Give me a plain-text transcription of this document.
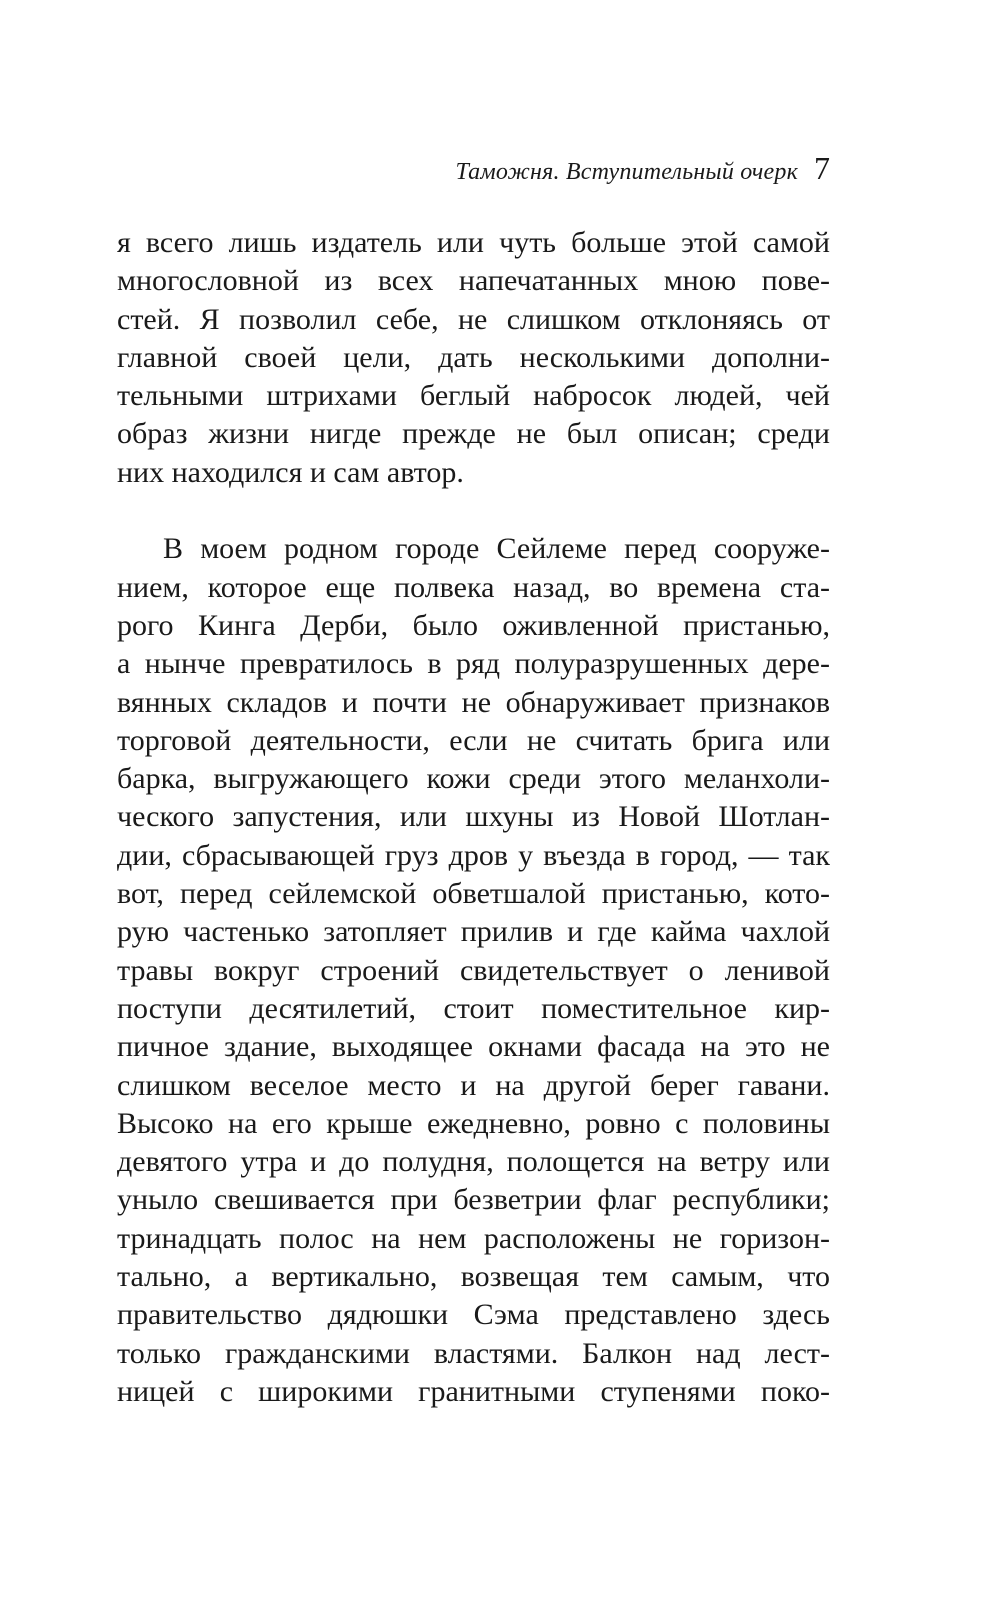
Таможня. Вступительный очерк 7
я всего лишь издатель или чуть больше этой самой
многословной из всех напечатанных мною пове-
стей. Я позволил себе, не слишком отклоняясь от
главной своей цели, дать несколькими дополни-
тельными штрихами беглый набросок людей, чей
образ жизни нигде прежде не был описан; среди
них находился и сам автор.
В моем родном городе Сейлеме перед сооруже-
нием, которое еще полвека назад, во времена ста-
рого Кинга Дерби, было оживленной пристанью,
а нынче превратилось в ряд полуразрушенных дере-
вянных складов и почти не обнаруживает признаков
торговой деятельности, если не считать брига или
барка, выгружающего кожи среди этого меланхоли-
ческого запустения, или шхуны из Новой Шотлан-
дии, сбрасывающей груз дров у въезда в город, — так
вот, перед сейлемской обветшалой пристанью, кото-
рую частенько затопляет прилив и где кайма чахлой
травы вокруг строений свидетельствует о ленивой
поступи десятилетий, стоит поместительное кир-
пичное здание, выходящее окнами фасада на это не
слишком веселое место и на другой берег гавани.
Высоко на его крыше ежедневно, ровно с половины
девятого утра и до полудня, полощется на ветру или
уныло свешивается при безветрии флаг республики;
тринадцать полос на нем расположены не горизон-
тально, а вертикально, возвещая тем самым, что
правительство дядюшки Сэма представлено здесь
только гражданскими властями. Балкон над лест-
ницей с широкими гранитными ступенями поко-
